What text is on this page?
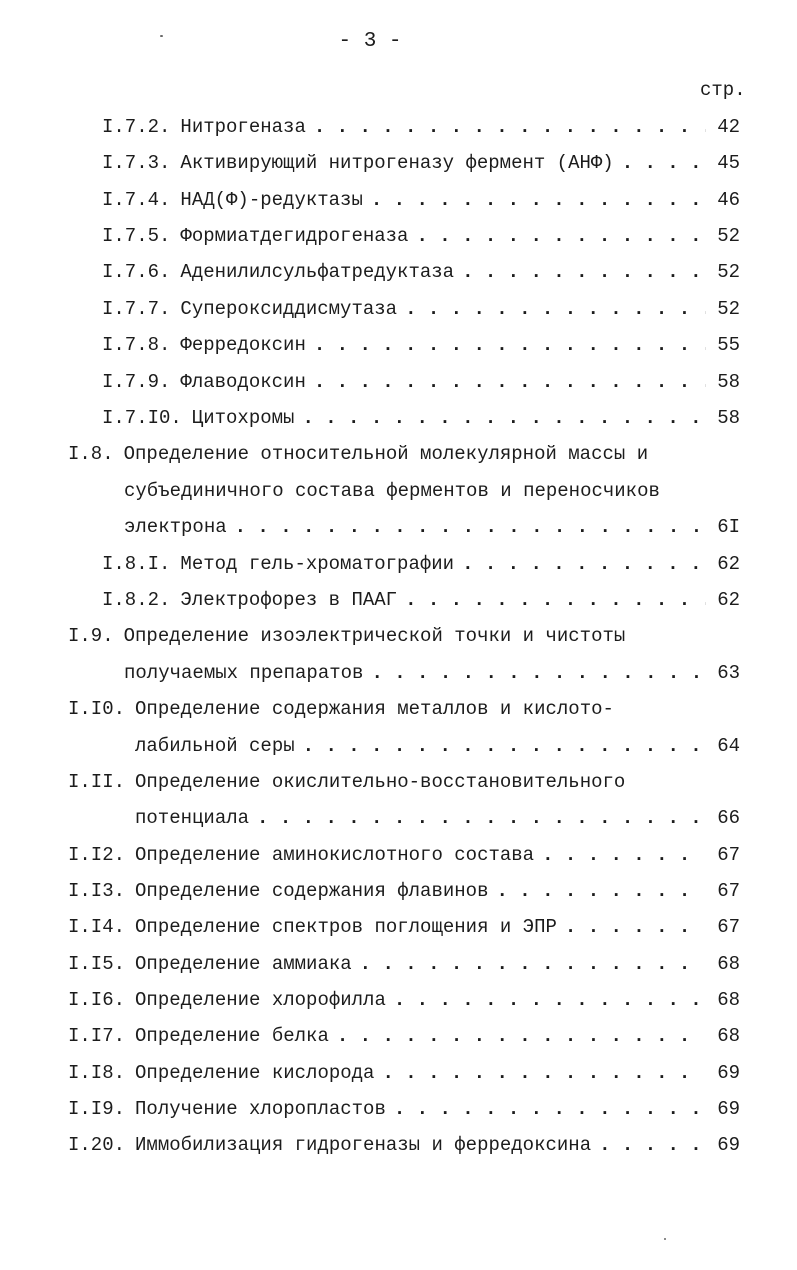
- 3 -
стр.
I.7.2. Нитрогеназа . . .	42
I.7.3. Активирующий нитрогеназу фермент (АНФ) . . .	45
I.7.4. НАД(Ф)-редуктазы . . .	46
I.7.5. Формиатдегидрогеназа . . .	52
I.7.6. Аденилилсульфатредуктаза . . .	52
I.7.7. Супероксиддисмутаза . . .	52
I.7.8. Ферредоксин . . .	55
I.7.9. Флаводоксин . . .	58
I.7.I0. Цитохромы . . .	58
I.8. Определение относительной молекулярной массы и
субъединичного состава ферментов и переносчиков
электрона . . .	6I
I.8.I. Метод гель-хроматографии . . .	62
I.8.2. Электрофорез в ПААГ . . .	62
I.9. Определение изоэлектрической точки и чистоты
получаемых препаратов . . .	63
I.I0. Определение содержания металлов и кислото-
лабильной серы . . .	64
I.II. Определение окислительно-восстановительного
потенциала . . .	66
I.I2. Определение аминокислотного состава . . .	67
I.I3. Определение содержания флавинов . . .	67
I.I4. Определение спектров поглощения и ЭПР . . .	67
I.I5. Определение аммиака . . .	68
I.I6. Определение хлорофилла . . .	68
I.I7. Определение белка . . .	68
I.I8. Определение кислорода . . .	69
I.I9. Получение хлоропластов . . .	69
I.20. Иммобилизация гидрогеназы и ферредоксина . . .	69
